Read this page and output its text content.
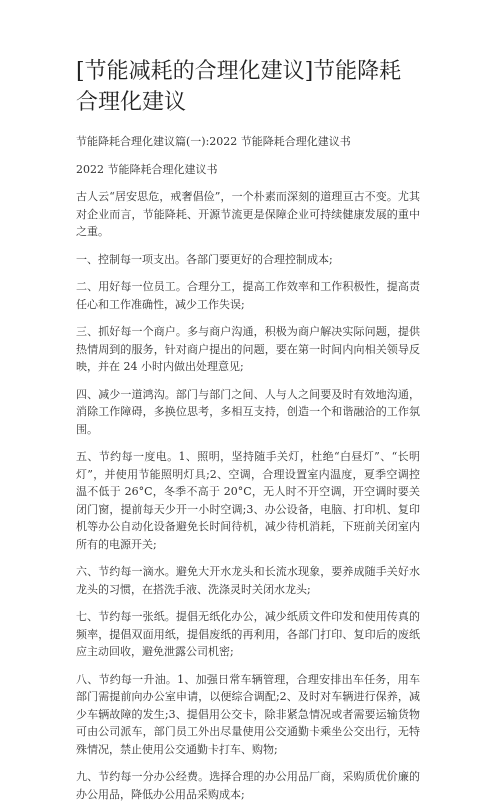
[节能减耗的合理化建议]节能降耗合理化建议
节能降耗合理化建议篇(一):2022 节能降耗合理化建议书
2022 节能降耗合理化建议书

古人云“居安思危，戒奢倡俭”，一个朴素而深刻的道理亘古不变。尤其对企业而言，节能降耗、开源节流更是保障企业可持续健康发展的重中之重。

一、控制每一项支出。各部门要更好的合理控制成本;

二、用好每一位员工。合理分工，提高工作效率和工作积极性，提高责任心和工作准确性，减少工作失误;

三、抓好每一个商户。多与商户沟通，积极为商户解决实际问题，提供热情周到的服务，针对商户提出的问题，要在第一时间内向相关领导反映，并在 24 小时内做出处理意见;

四、减少一道鸿沟。部门与部门之间、人与人之间要及时有效地沟通，消除工作障碍，多换位思考，多相互支持，创造一个和谐融洽的工作氛围。

五、节约每一度电。1、照明，坚持随手关灯，杜绝“白昼灯”、“长明灯”，并使用节能照明灯具;2、空调，合理设置室内温度，夏季空调控温不低于 26°C，冬季不高于 20°C，无人时不开空调，开空调时要关闭门窗，提前每天少开一小时空调;3、办公设备，电脑、打印机、复印机等办公自动化设备避免长时间待机，减少待机消耗，下班前关闭室内所有的电源开关;

六、节约每一滴水。避免大开水龙头和长流水现象，要养成随手关好水龙头的习惯，在搭洗手液、洗涤灵时关闭水龙头;

七、节约每一张纸。提倡无纸化办公，减少纸质文件印发和使用传真的频率，提倡双面用纸，提倡废纸的再利用，各部门打印、复印后的废纸应主动回收，避免泄露公司机密;

八、节约每一升油。1、加强日常车辆管理，合理安排出车任务，用车部门需提前向办公室申请，以便综合调配;2、及时对车辆进行保养，减少车辆故障的发生;3、提倡用公交卡，除非紧急情况或者需要运输货物可由公司派车，部门员工外出尽量使用公交通勤卡乘坐公交出行，无特殊情况，禁止使用公交通勤卡打车、购物;

九、节约每一分办公经费。选择合理的办公用品厂商，采购质优价廉的办公用品，降低办公用品采购成本;
